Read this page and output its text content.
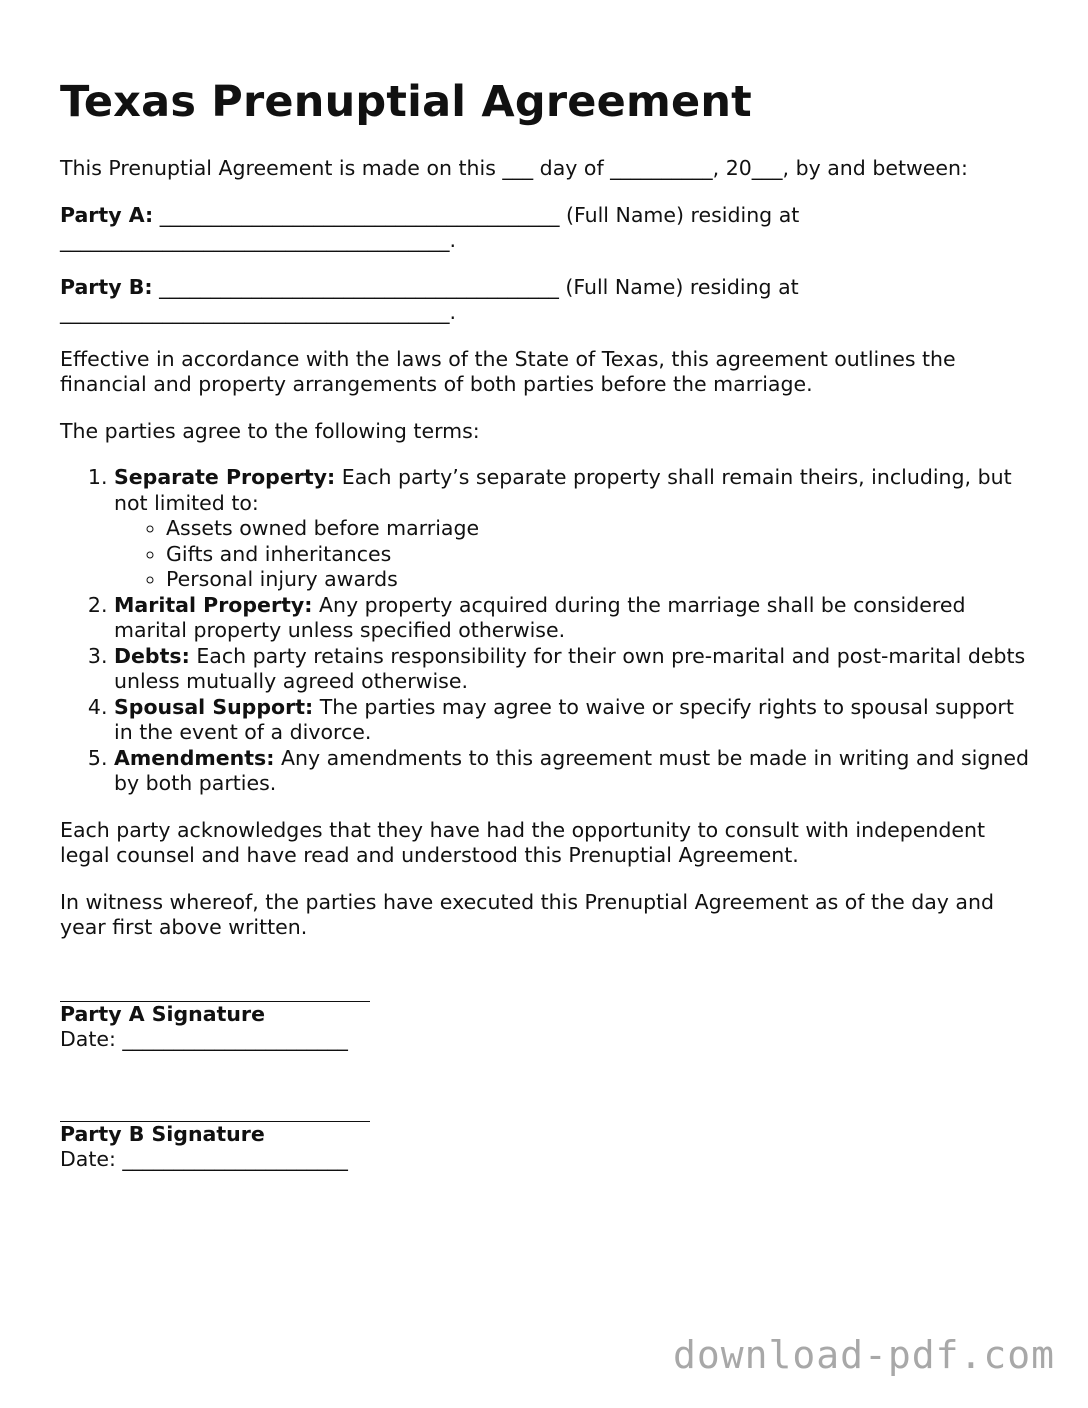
Texas Prenuptial Agreement

This Prenuptial Agreement is made on this ___ day of __________, 20___, by and between:

Party A: _______________________________________ (Full Name) residing at ______________________________________.

Party B: _______________________________________ (Full Name) residing at ______________________________________.

Effective in accordance with the laws of the State of Texas, this agreement outlines the financial and property arrangements of both parties before the marriage.

The parties agree to the following terms:

1. Separate Property: Each party’s separate property shall remain theirs, including, but not limited to:
◦ Assets owned before marriage
◦ Gifts and inheritances
◦ Personal injury awards
2. Marital Property: Any property acquired during the marriage shall be considered marital property unless specified otherwise.
3. Debts: Each party retains responsibility for their own pre-marital and post-marital debts unless mutually agreed otherwise.
4. Spousal Support: The parties may agree to waive or specify rights to spousal support in the event of a divorce.
5. Amendments: Any amendments to this agreement must be made in writing and signed by both parties.

Each party acknowledges that they have had the opportunity to consult with independent legal counsel and have read and understood this Prenuptial Agreement.

In witness whereof, the parties have executed this Prenuptial Agreement as of the day and year first above written.

Party A Signature
Date: ______________________
Party B Signature
Date: ______________________
download-pdf.com
